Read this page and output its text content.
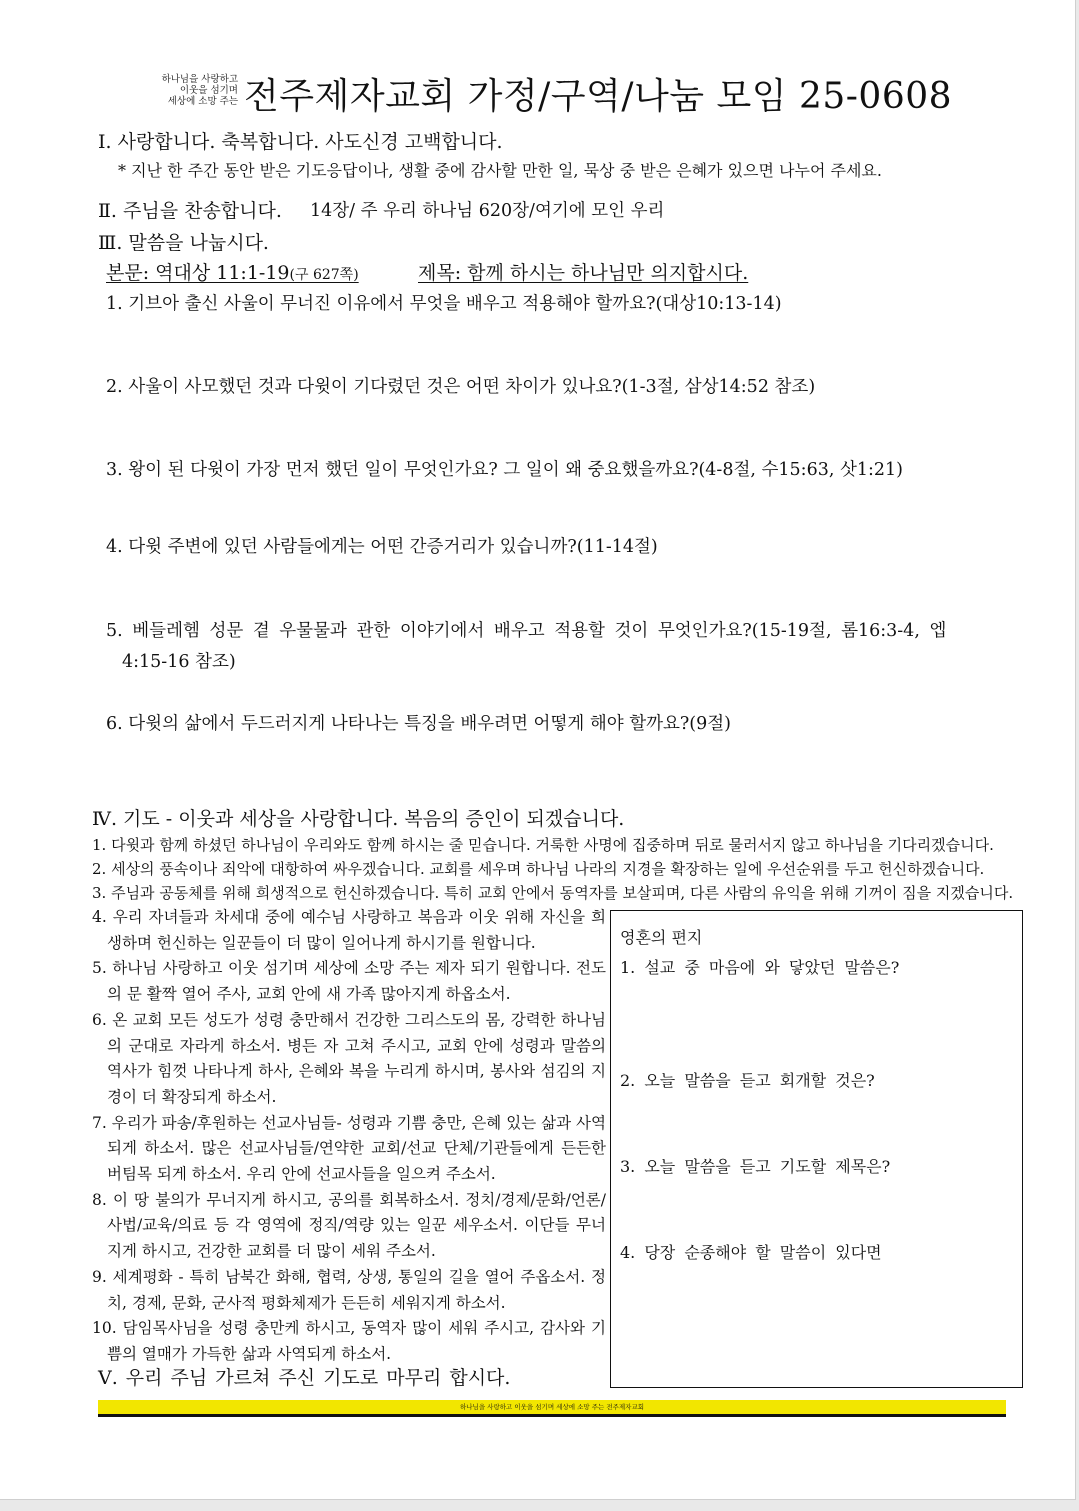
하나님을 사랑하고
이웃을 섬기며
세상에 소망 주는 전주제자교회 가정/구역/나눔 모임 25-0608
Ⅰ. 사랑합니다. 축복합니다. 사도신경 고백합니다.
* 지난 한 주간 동안 받은 기도응답이나, 생활 중에 감사할 만한 일, 묵상 중 받은 은혜가 있으면 나누어 주세요.
Ⅱ. 주님을 찬송합니다. 14장/ 주 우리 하나님 620장/여기에 모인 우리
Ⅲ. 말씀을 나눕시다.
본문: 역대상 11:1-19(구 627쪽)	제목: 함께 하시는 하나님만 의지합시다.
1. 기브아 출신 사울이 무너진 이유에서 무엇을 배우고 적용해야 할까요?(대상10:13-14)
2. 사울이 사모했던 것과 다윗이 기다렸던 것은 어떤 차이가 있나요?(1-3절, 삼상14:52 참조)
3. 왕이 된 다윗이 가장 먼저 했던 일이 무엇인가요? 그 일이 왜 중요했을까요?(4-8절, 수15:63, 삿1:21)
4. 다윗 주변에 있던 사람들에게는 어떤 간증거리가 있습니까?(11-14절)
5. 베들레헴 성문 곁 우물물과 관한 이야기에서 배우고 적용할 것이 무엇인가요?(15-19절, 롬16:3-4, 엡
4:15-16 참조)
6. 다윗의 삶에서 두드러지게 나타나는 특징을 배우려면 어떻게 해야 할까요?(9절)
Ⅳ. 기도 - 이웃과 세상을 사랑합니다. 복음의 증인이 되겠습니다.
1. 다윗과 함께 하셨던 하나님이 우리와도 함께 하시는 줄 믿습니다. 거룩한 사명에 집중하며 뒤로 물러서지 않고 하나님을 기다리겠습니다.
2. 세상의 풍속이나 죄악에 대항하여 싸우겠습니다. 교회를 세우며 하나님 나라의 지경을 확장하는 일에 우선순위를 두고 헌신하겠습니다.
3. 주님과 공동체를 위해 희생적으로 헌신하겠습니다. 특히 교회 안에서 동역자를 보살피며, 다른 사람의 유익을 위해 기꺼이 짐을 지겠습니다.

4. 우리 자녀들과 차세대 중에 예수님 사랑하고 복음과 이웃 위해 자신을 희생하며 헌신하는 일꾼들이 더 많이 일어나게 하시기를 원합니다.

5. 하나님 사랑하고 이웃 섬기며 세상에 소망 주는 제자 되기 원합니다. 전도의 문 활짝 열어 주사, 교회 안에 새 가족 많아지게 하옵소서.

6. 온 교회 모든 성도가 성령 충만해서 건강한 그리스도의 몸, 강력한 하나님의 군대로 자라게 하소서. 병든 자 고쳐 주시고, 교회 안에 성령과 말씀의 역사가 힘껏 나타나게 하사, 은혜와 복을 누리게 하시며, 봉사와 섬김의 지경이 더 확장되게 하소서.

7. 우리가 파송/후원하는 선교사님들- 성령과 기쁨 충만, 은혜 있는 삶과 사역 되게 하소서. 많은 선교사님들/연약한 교회/선교 단체/기관들에게 든든한 버팀목 되게 하소서. 우리 안에 선교사들을 일으켜 주소서.

8. 이 땅 불의가 무너지게 하시고, 공의를 회복하소서. 정치/경제/문화/언론/사법/교육/의료 등 각 영역에 정직/역량 있는 일꾼 세우소서. 이단들 무너지게 하시고, 건강한 교회를 더 많이 세워 주소서.

9. 세계평화 - 특히 남북간 화해, 협력, 상생, 통일의 길을 열어 주옵소서. 정치, 경제, 문화, 군사적 평화체제가 든든히 세워지게 하소서.

10. 담임목사님을 성령 충만케 하시고, 동역자 많이 세워 주시고, 감사와 기쁨의 열매가 가득한 삶과 사역되게 하소서.

영혼의 편지
1. 설교 중 마음에 와 닿았던 말씀은?
2. 오늘 말씀을 듣고 회개할 것은?
3. 오늘 말씀을 듣고 기도할 제목은?
4. 당장 순종해야 할 말씀이 있다면
Ⅴ. 우리 주님 가르쳐 주신 기도로 마무리 합시다.
하나님을 사랑하고 이웃을 섬기며 세상에 소망 주는 전주제자교회
